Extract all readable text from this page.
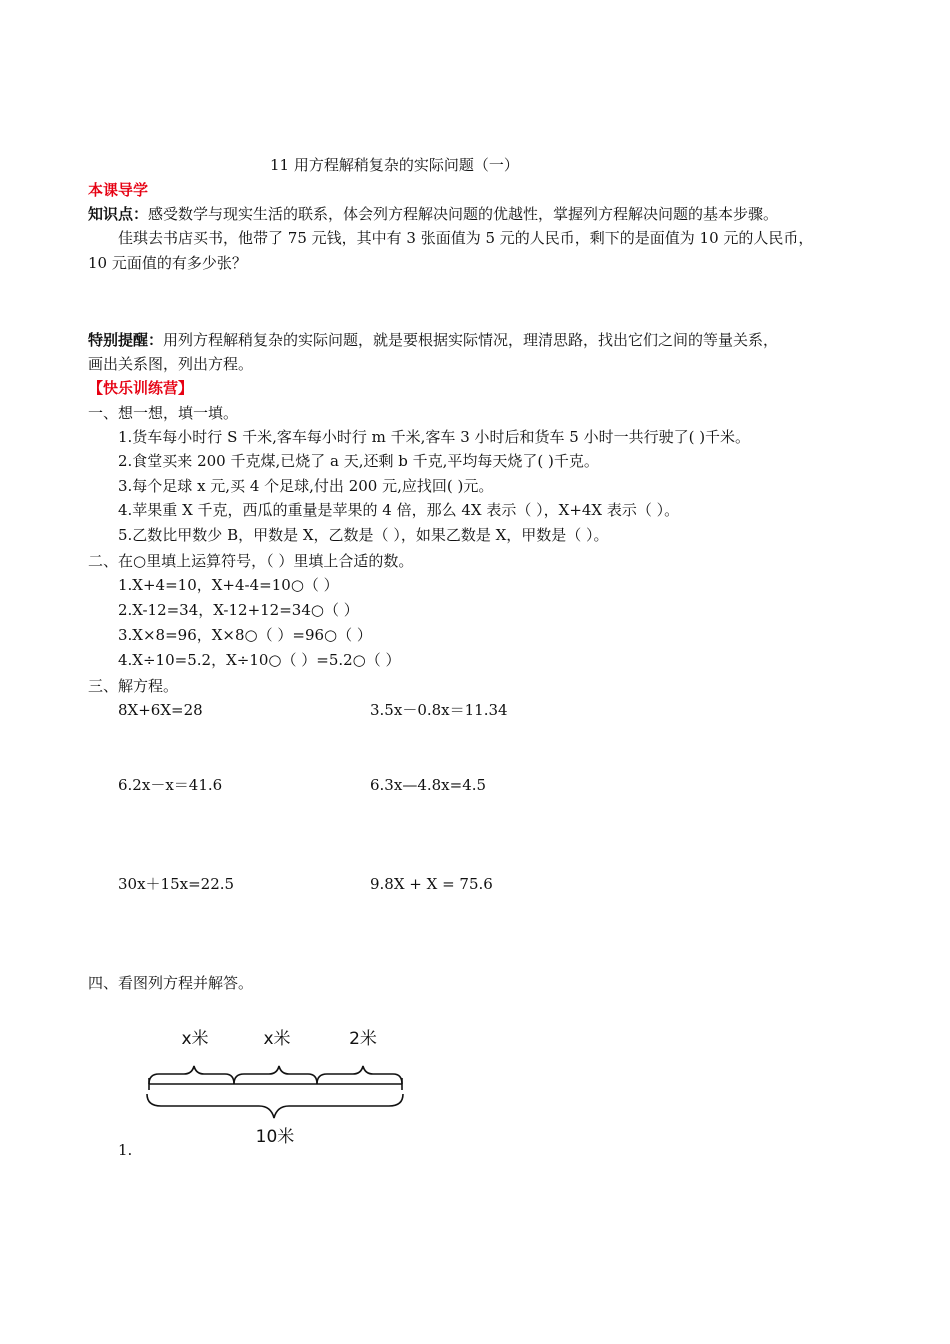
11 用方程解稍复杂的实际问题（一）
本课导学
知识点：感受数学与现实生活的联系，体会列方程解决问题的优越性，掌握列方程解决问题的基本步骤。
佳琪去书店买书，他带了 75 元钱，其中有 3 张面值为 5 元的人民币，剩下的是面值为 10 元的人民币，
10 元面值的有多少张？
特别提醒：用列方程解稍复杂的实际问题，就是要根据实际情况，理清思路，找出它们之间的等量关系，
画出关系图，列出方程。
【快乐训练营】
一、想一想，填一填。
1.货车每小时行 S 千米,客车每小时行 m 千米,客车 3 小时后和货车 5 小时一共行驶了( )千米。
2.食堂买来 200 千克煤,已烧了 a 天,还剩 b 千克,平均每天烧了( )千克。
3.每个足球 x 元,买 4 个足球,付出 200 元,应找回( )元。
4.苹果重 X 千克，西瓜的重量是苹果的 4 倍，那么 4X 表示（ ），X+4X 表示（ ）。
5.乙数比甲数少 B，甲数是 X，乙数是（ ），如果乙数是 X，甲数是（ ）。
二、在○里填上运算符号，（ ）里填上合适的数。
1.X+4=10，X+4-4=10○（ ）
2.X-12=34，X-12+12=34○（ ）
3.X×8=96，X×8○（ ）=96○（ ）
4.X÷10=5.2，X÷10○（ ）=5.2○（ ）
三、解方程。
8X+6X=28	3.5x－0.8x＝11.34
6.2x－x＝41.6	6.3x—4.8x=4.5
30x＋15x=22.5	9.8X + X = 75.6
四、看图列方程并解答。
x米	x米	2米
10米
1.
